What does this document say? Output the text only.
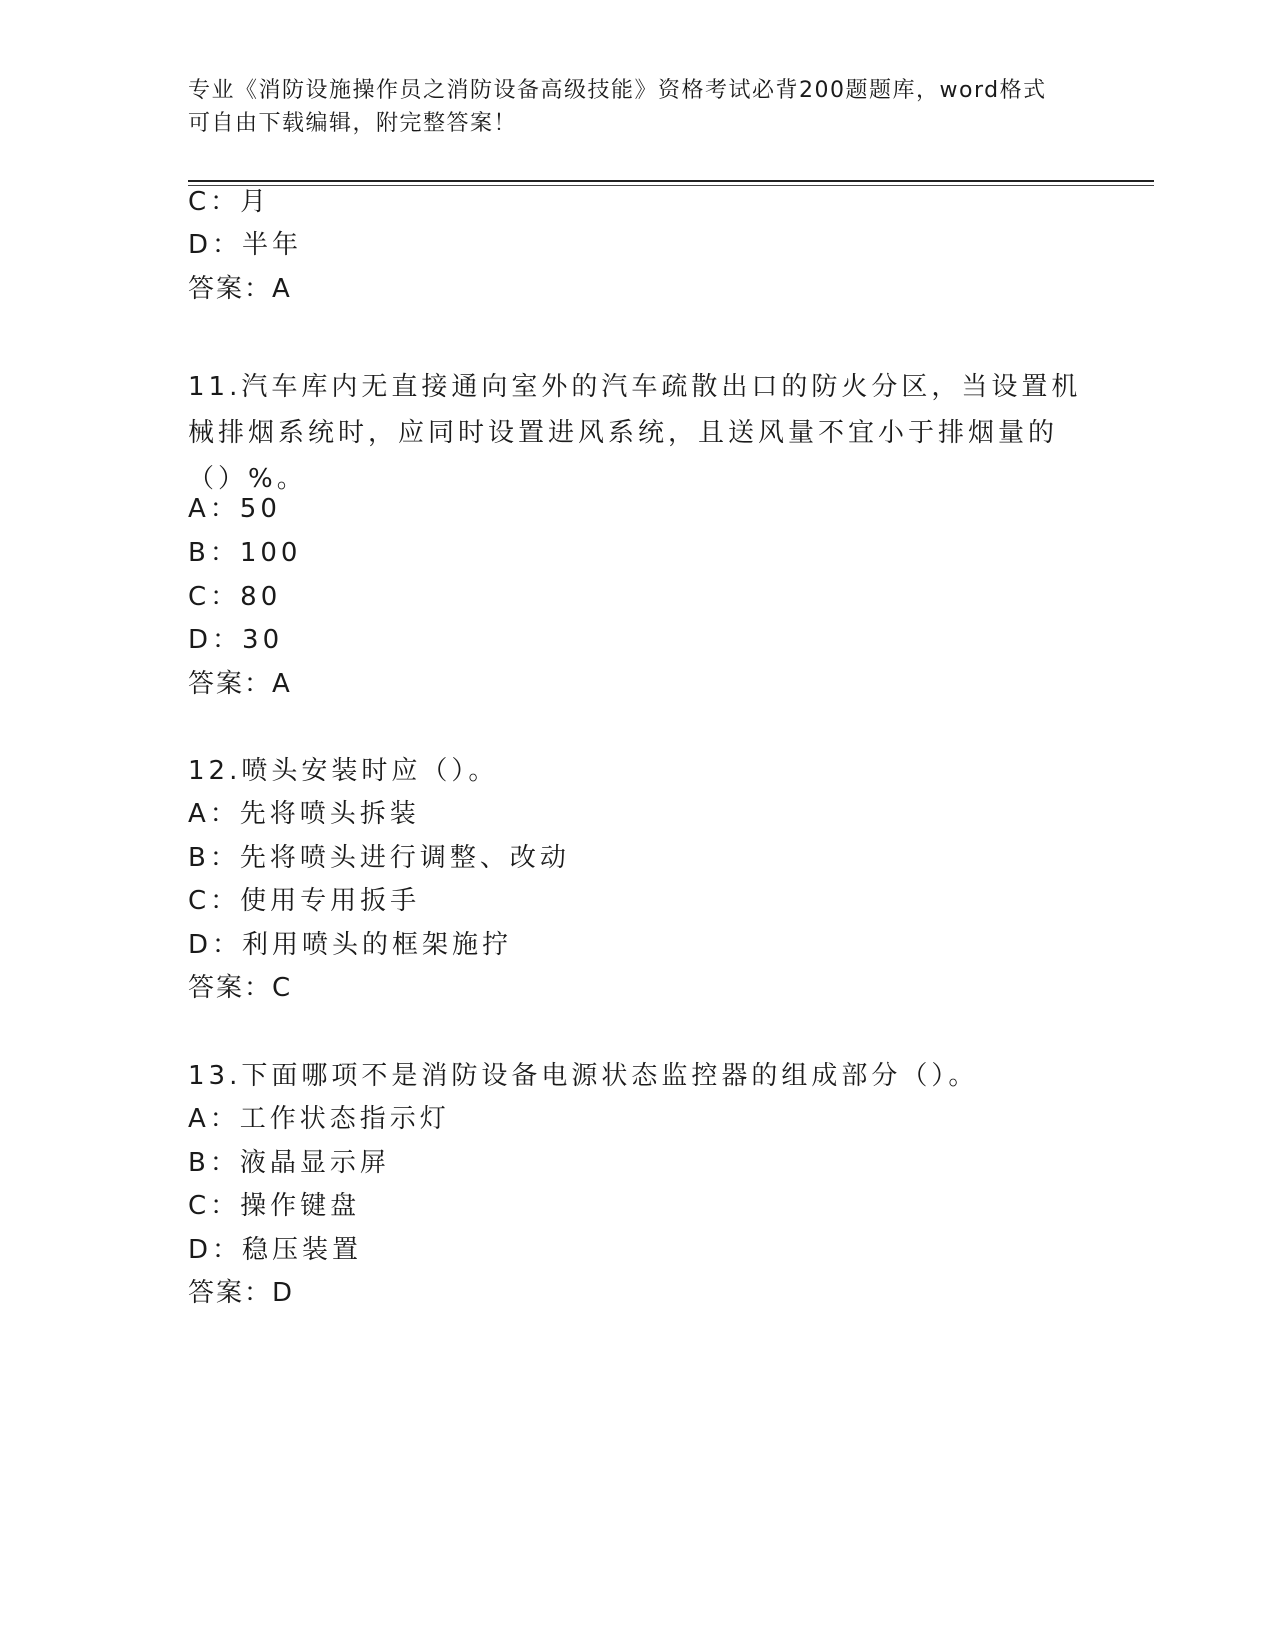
专业《消防设施操作员之消防设备高级技能》资格考试必背200题题库，word格式可自由下载编辑，附完整答案！

C：月
D：半年
答案：A
11.汽车库内无直接通向室外的汽车疏散出口的防火分区，当设置机械排烟系统时，应同时设置进风系统，且送风量不宜小于排烟量的（）%。
A：50
B：100
C：80
D：30
答案：A
12.喷头安装时应（）。
A：先将喷头拆装
B：先将喷头进行调整、改动
C：使用专用扳手
D：利用喷头的框架施拧
答案：C
13.下面哪项不是消防设备电源状态监控器的组成部分（）。
A：工作状态指示灯
B：液晶显示屏
C：操作键盘
D：稳压装置
答案：D
